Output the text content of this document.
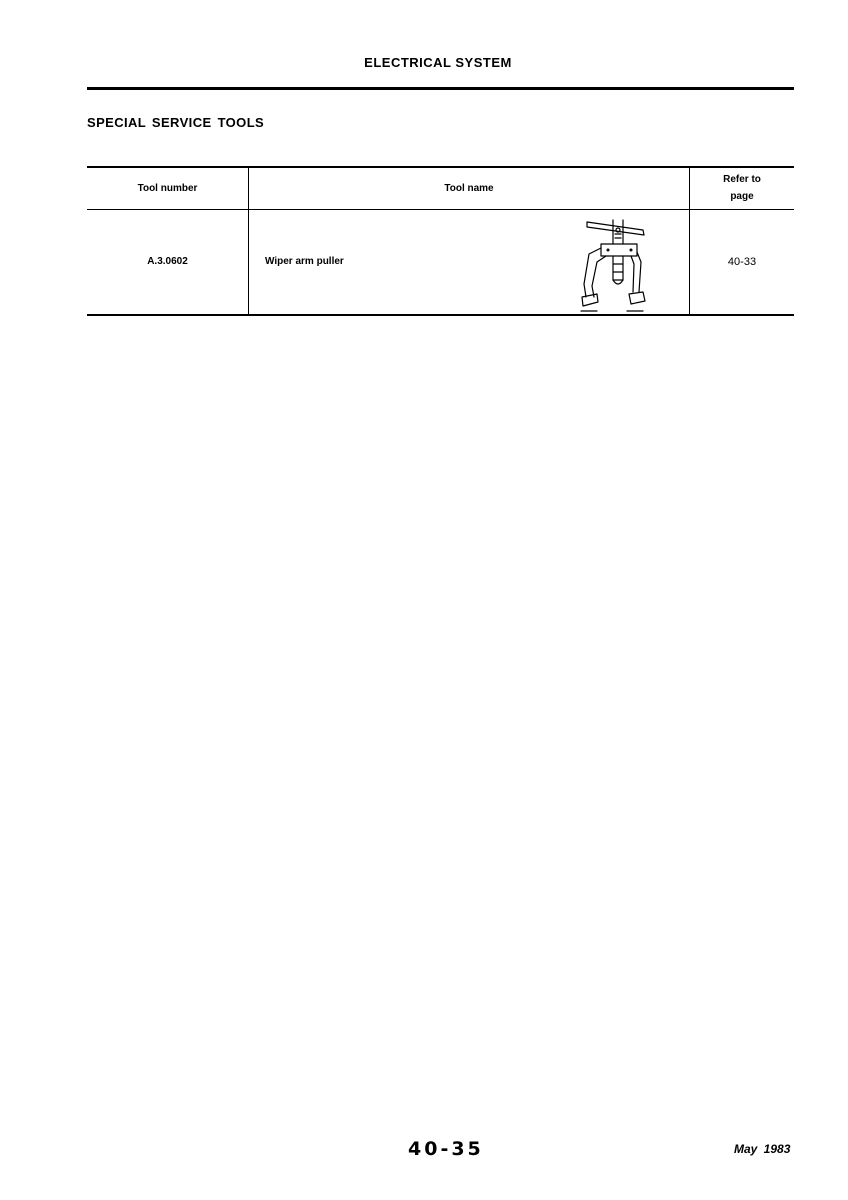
ELECTRICAL SYSTEM
SPECIAL SERVICE TOOLS
Tool number	Tool name	Refer to
page

A.3.0602	Wiper arm puller	40-33
40-35	May 1983
